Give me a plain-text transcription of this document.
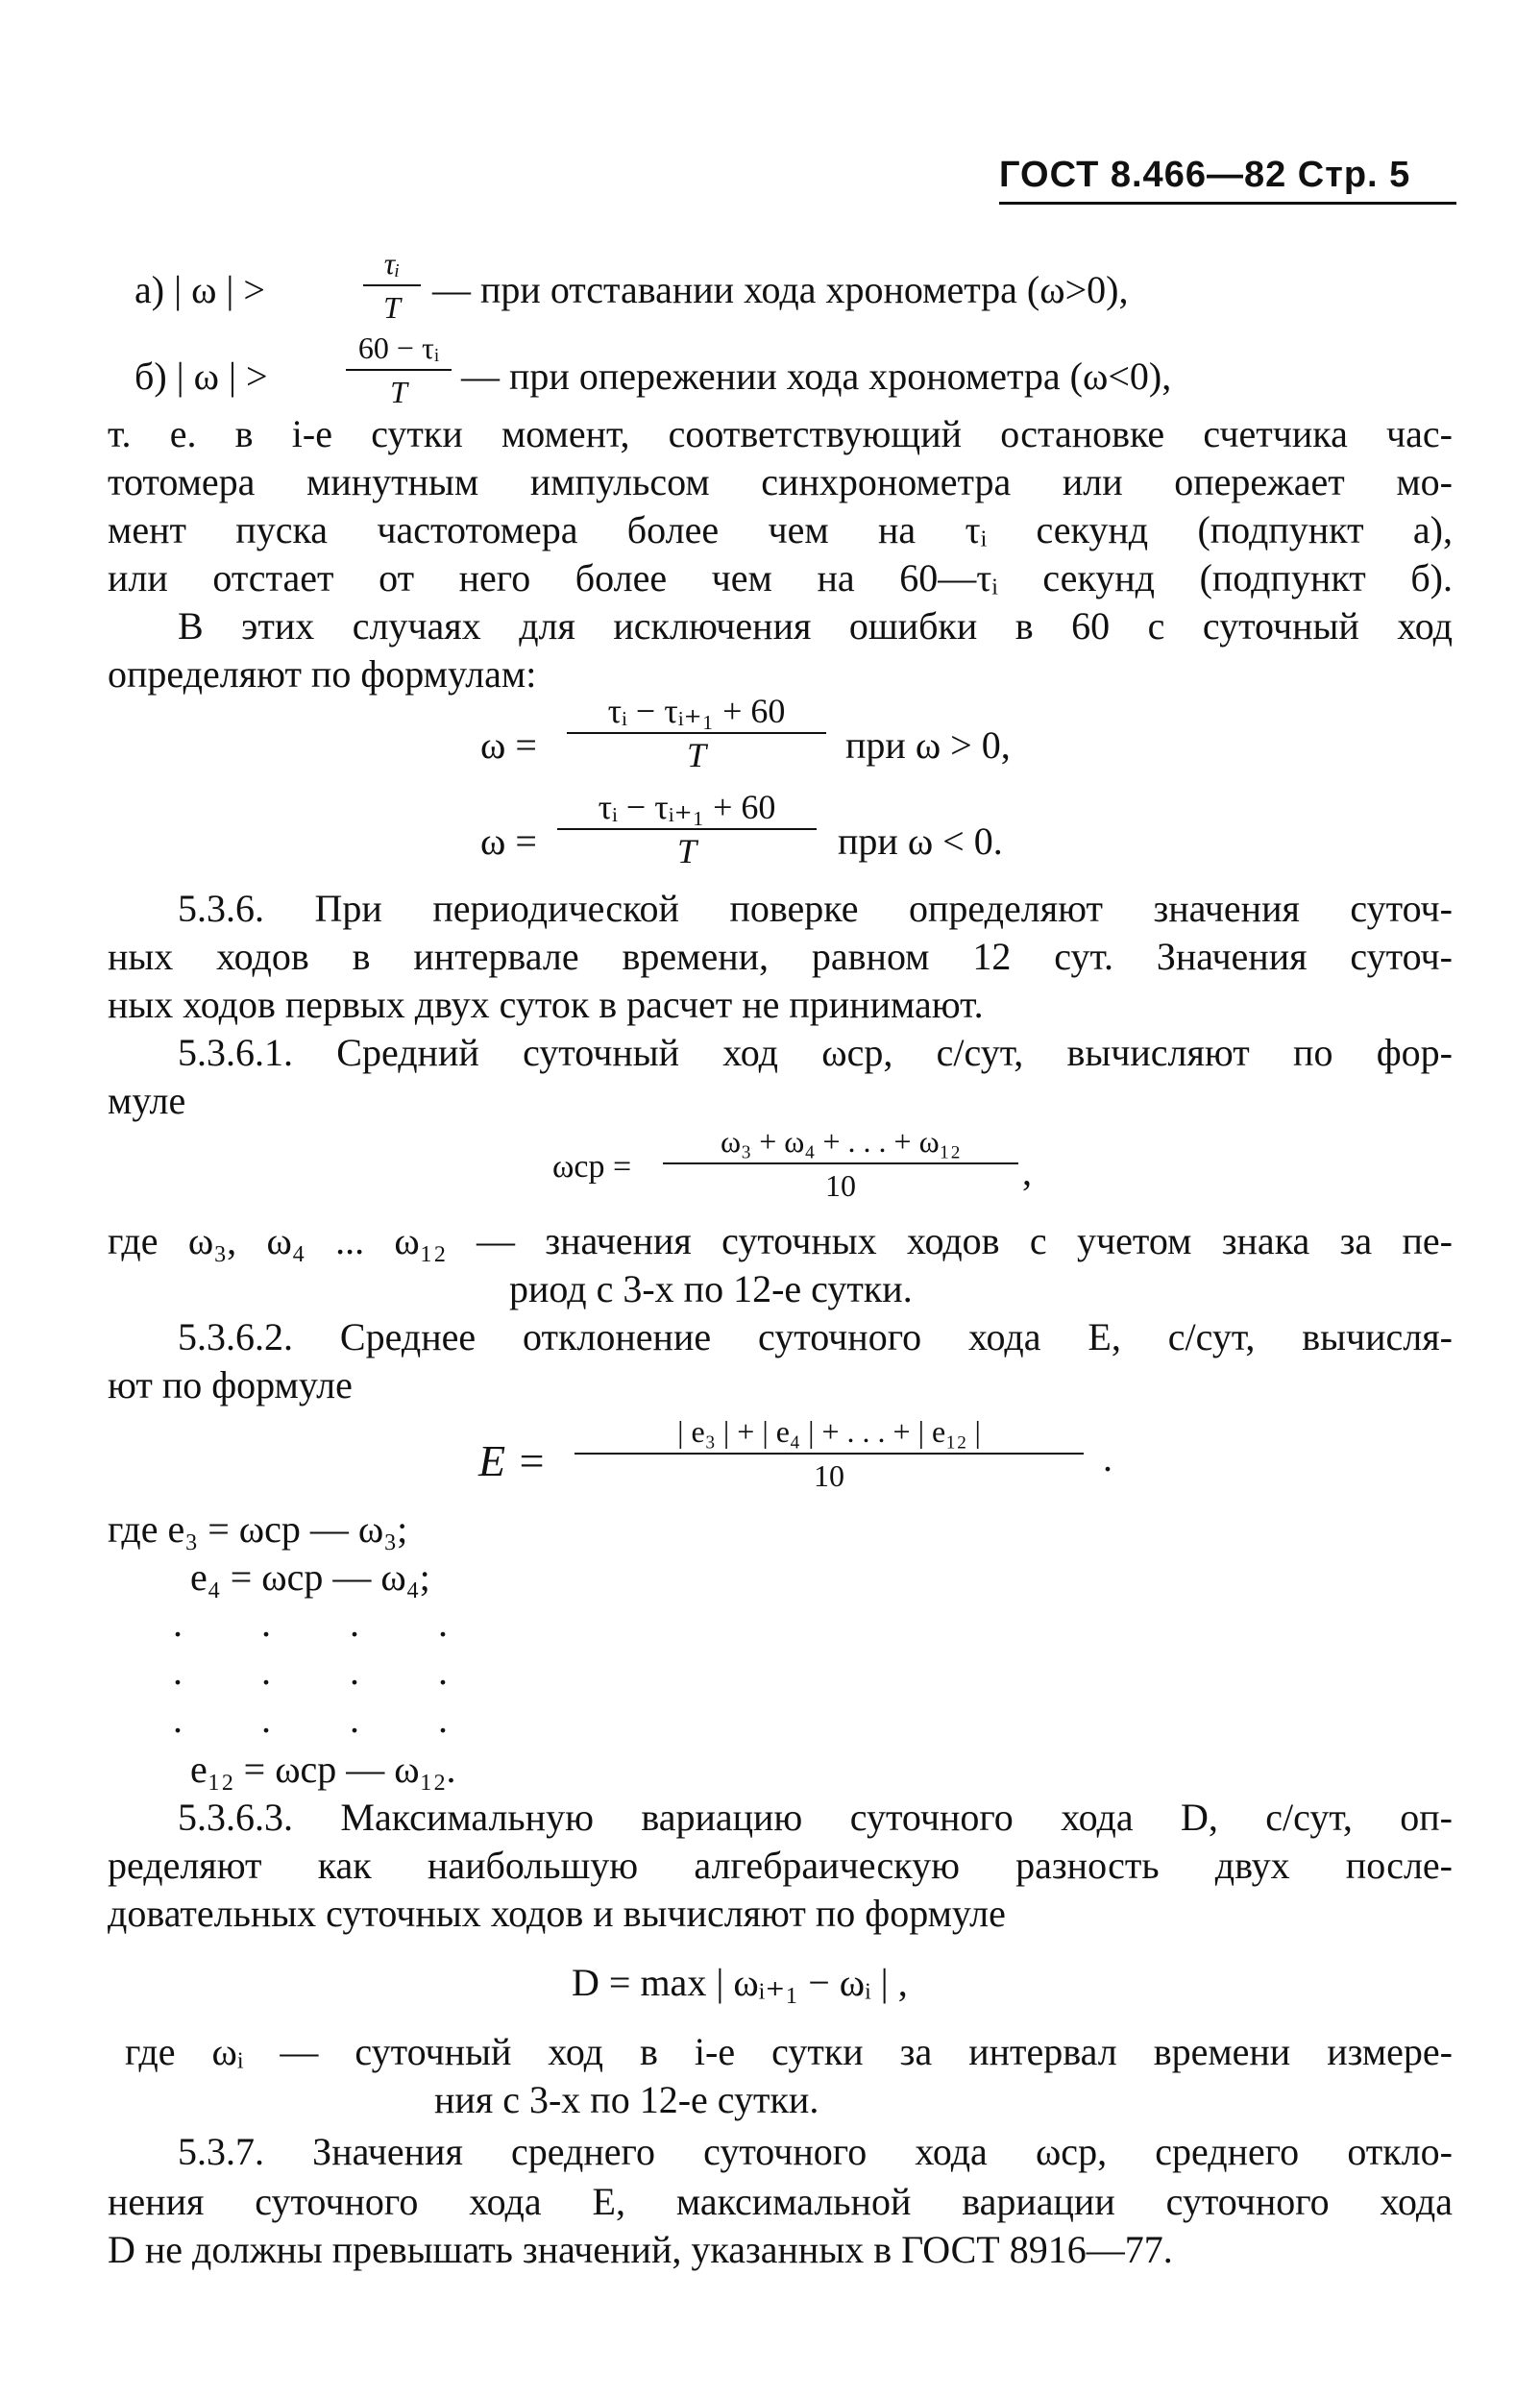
ГОСТ 8.466—82 Стр. 5
а) | ω | >
τᵢ
T — при отставании хода хронометра (ω>0),
б) | ω | >
60 − τᵢ
T	— при опережении хода хронометра (ω<0),
т. е. в i-е сутки момент, соответствующий остановке счетчика час-
тотомера минутным импульсом синхронометра или опережает мо-
мент пуска частотомера более чем на τᵢ секунд (подпункт а),
или отстает от него более чем на 60—τᵢ секунд (подпункт б).
В этих случаях для исключения ошибки в 60 с суточный ход
определяют по формулам:
ω =
τᵢ − τᵢ₊₁ + 60
T	при ω > 0,
ω =
τᵢ − τᵢ₊₁ + 60
T	при ω < 0.
5.3.6. При периодической поверке определяют значения суточ-
ных ходов в интервале времени, равном 12 сут. Значения суточ-
ных ходов первых двух суток в расчет не принимают.
5.3.6.1. Средний суточный ход ωср, с/сут, вычисляют по фор-
муле
ωср =
ω₃ + ω₄ + . . . + ω₁₂
10	,
где ω₃, ω₄ ... ω₁₂ — значения суточных ходов с учетом знака за пе-
риод с 3-х по 12-е сутки.
5.3.6.2. Среднее отклонение суточного хода E, с/сут, вычисля-
ют по формуле
E =
| e₃ | + | e₄ | + . . . + | e₁₂ |
10	.
где e₃ = ωср — ω₃;
e₄ = ωср — ω₄;
. . . .
. . . .
. . . .
e₁₂ = ωср — ω₁₂.
5.3.6.3. Максимальную вариацию суточного хода D, с/сут, оп-
ределяют как наибольшую алгебраическую разность двух после-
довательных суточных ходов и вычисляют по формуле
D = max | ωᵢ₊₁ − ωᵢ | ,
где ωᵢ — суточный ход в i-е сутки за интервал времени измере-
ния с 3-х по 12-е сутки.
5.3.7. Значения среднего суточного хода ωср, среднего откло-
нения суточного хода E, максимальной вариации суточного хода
D не должны превышать значений, указанных в ГОСТ 8916—77.
